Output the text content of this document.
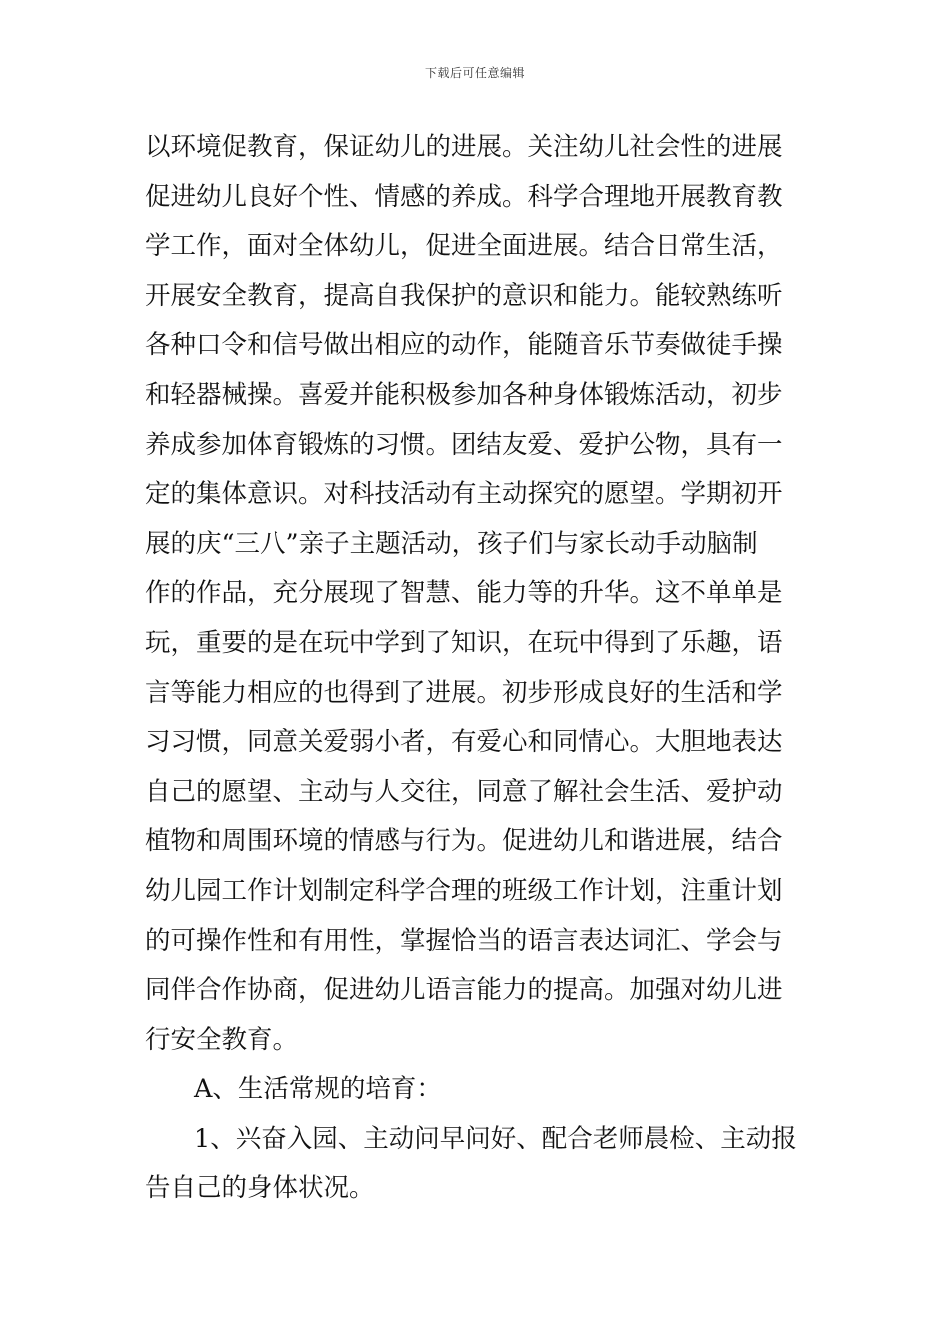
下载后可任意编辑
以环境促教育，保证幼儿的进展。关注幼儿社会性的进展
促进幼儿良好个性、情感的养成。科学合理地开展教育教
学工作，面对全体幼儿，促进全面进展。结合日常生活，
开展安全教育，提高自我保护的意识和能力。能较熟练听
各种口令和信号做出相应的动作，能随音乐节奏做徒手操
和轻器械操。喜爱并能积极参加各种身体锻炼活动，初步
养成参加体育锻炼的习惯。团结友爱、爱护公物，具有一
定的集体意识。对科技活动有主动探究的愿望。学期初开
展的庆“三八”亲子主题活动，孩子们与家长动手动脑制
作的作品，充分展现了智慧、能力等的升华。这不单单是
玩，重要的是在玩中学到了知识，在玩中得到了乐趣，语
言等能力相应的也得到了进展。初步形成良好的生活和学
习习惯，同意关爱弱小者，有爱心和同情心。大胆地表达
自己的愿望、主动与人交往，同意了解社会生活、爱护动
植物和周围环境的情感与行为。促进幼儿和谐进展，结合
幼儿园工作计划制定科学合理的班级工作计划，注重计划
的可操作性和有用性，掌握恰当的语言表达词汇、学会与
同伴合作协商，促进幼儿语言能力的提高。加强对幼儿进
行安全教育。
A、生活常规的培育：
1、兴奋入园、主动问早问好、配合老师晨检、主动报
告自己的身体状况。
